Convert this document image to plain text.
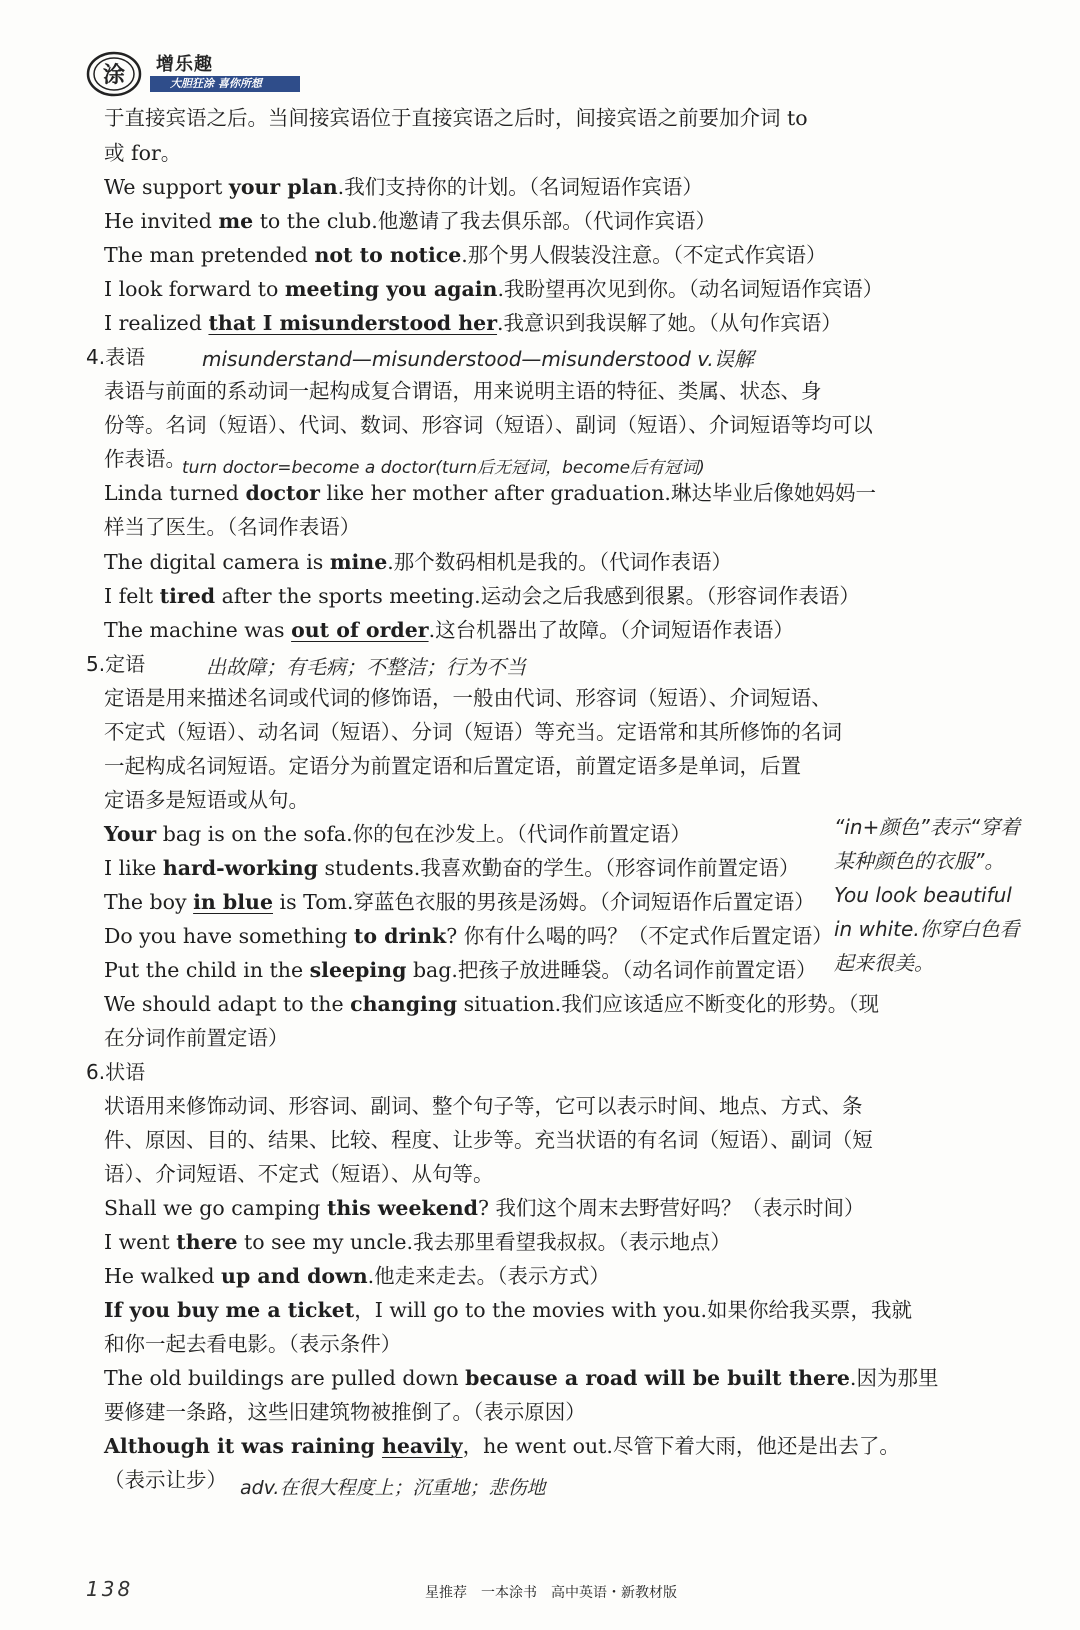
涂 增乐趣
大胆狂涂 喜你所想
于直接宾语之后。当间接宾语位于直接宾语之后时，间接宾语之前要加介词 to
或 for。
We support your plan.我们支持你的计划。（名词短语作宾语）
He invited me to the club.他邀请了我去俱乐部。（代词作宾语）
The man pretended not to notice.那个男人假装没注意。（不定式作宾语）
I look forward to meeting you again.我盼望再次见到你。（动名词短语作宾语）
I realized that I misunderstood her.我意识到我误解了她。（从句作宾语）
4.表语	misunderstand—misunderstood—misunderstood v.误解
表语与前面的系动词一起构成复合谓语，用来说明主语的特征、类属、状态、身
份等。名词（短语）、代词、数词、形容词（短语）、副词（短语）、介词短语等均可以
作表语。
turn doctor=become a doctor(turn后无冠词，become后有冠词)
Linda turned doctor like her mother after graduation.琳达毕业后像她妈妈一
样当了医生。（名词作表语）
The digital camera is mine.那个数码相机是我的。（代词作表语）
I felt tired after the sports meeting.运动会之后我感到很累。（形容词作表语）
The machine was out of order.这台机器出了故障。（介词短语作表语）
5.定语	出故障；有毛病；不整洁；行为不当
定语是用来描述名词或代词的修饰语，一般由代词、形容词（短语）、介词短语、
不定式（短语）、动名词（短语）、分词（短语）等充当。定语常和其所修饰的名词
一起构成名词短语。定语分为前置定语和后置定语，前置定语多是单词，后置
定语多是短语或从句。
Your bag is on the sofa.你的包在沙发上。（代词作前置定语）
I like hard-working students.我喜欢勤奋的学生。（形容词作前置定语）
The boy in blue is Tom.穿蓝色衣服的男孩是汤姆。（介词短语作后置定语）
Do you have something to drink? 你有什么喝的吗？（不定式作后置定语）
Put the child in the sleeping bag.把孩子放进睡袋。（动名词作前置定语）
We should adapt to the changing situation.我们应该适应不断变化的形势。（现
在分词作前置定语）
6.状语
状语用来修饰动词、形容词、副词、整个句子等，它可以表示时间、地点、方式、条
件、原因、目的、结果、比较、程度、让步等。充当状语的有名词（短语）、副词（短
语）、介词短语、不定式（短语）、从句等。
Shall we go camping this weekend? 我们这个周末去野营好吗？（表示时间）
I went there to see my uncle.我去那里看望我叔叔。（表示地点）
He walked up and down.他走来走去。（表示方式）
If you buy me a ticket，I will go to the movies with you.如果你给我买票，我就
和你一起去看电影。（表示条件）
The old buildings are pulled down because a road will be built there.因为那里
要修建一条路，这些旧建筑物被推倒了。（表示原因）
Although it was raining heavily，he went out.尽管下着大雨，他还是出去了。
（表示让步） adv.在很大程度上；沉重地；悲伤地
“in+颜色”表示“穿着
某种颜色的衣服”。
You look beautiful
in white.你穿白色看
起来很美。
138	星推荐　一本涂书　高中英语・新教材版
